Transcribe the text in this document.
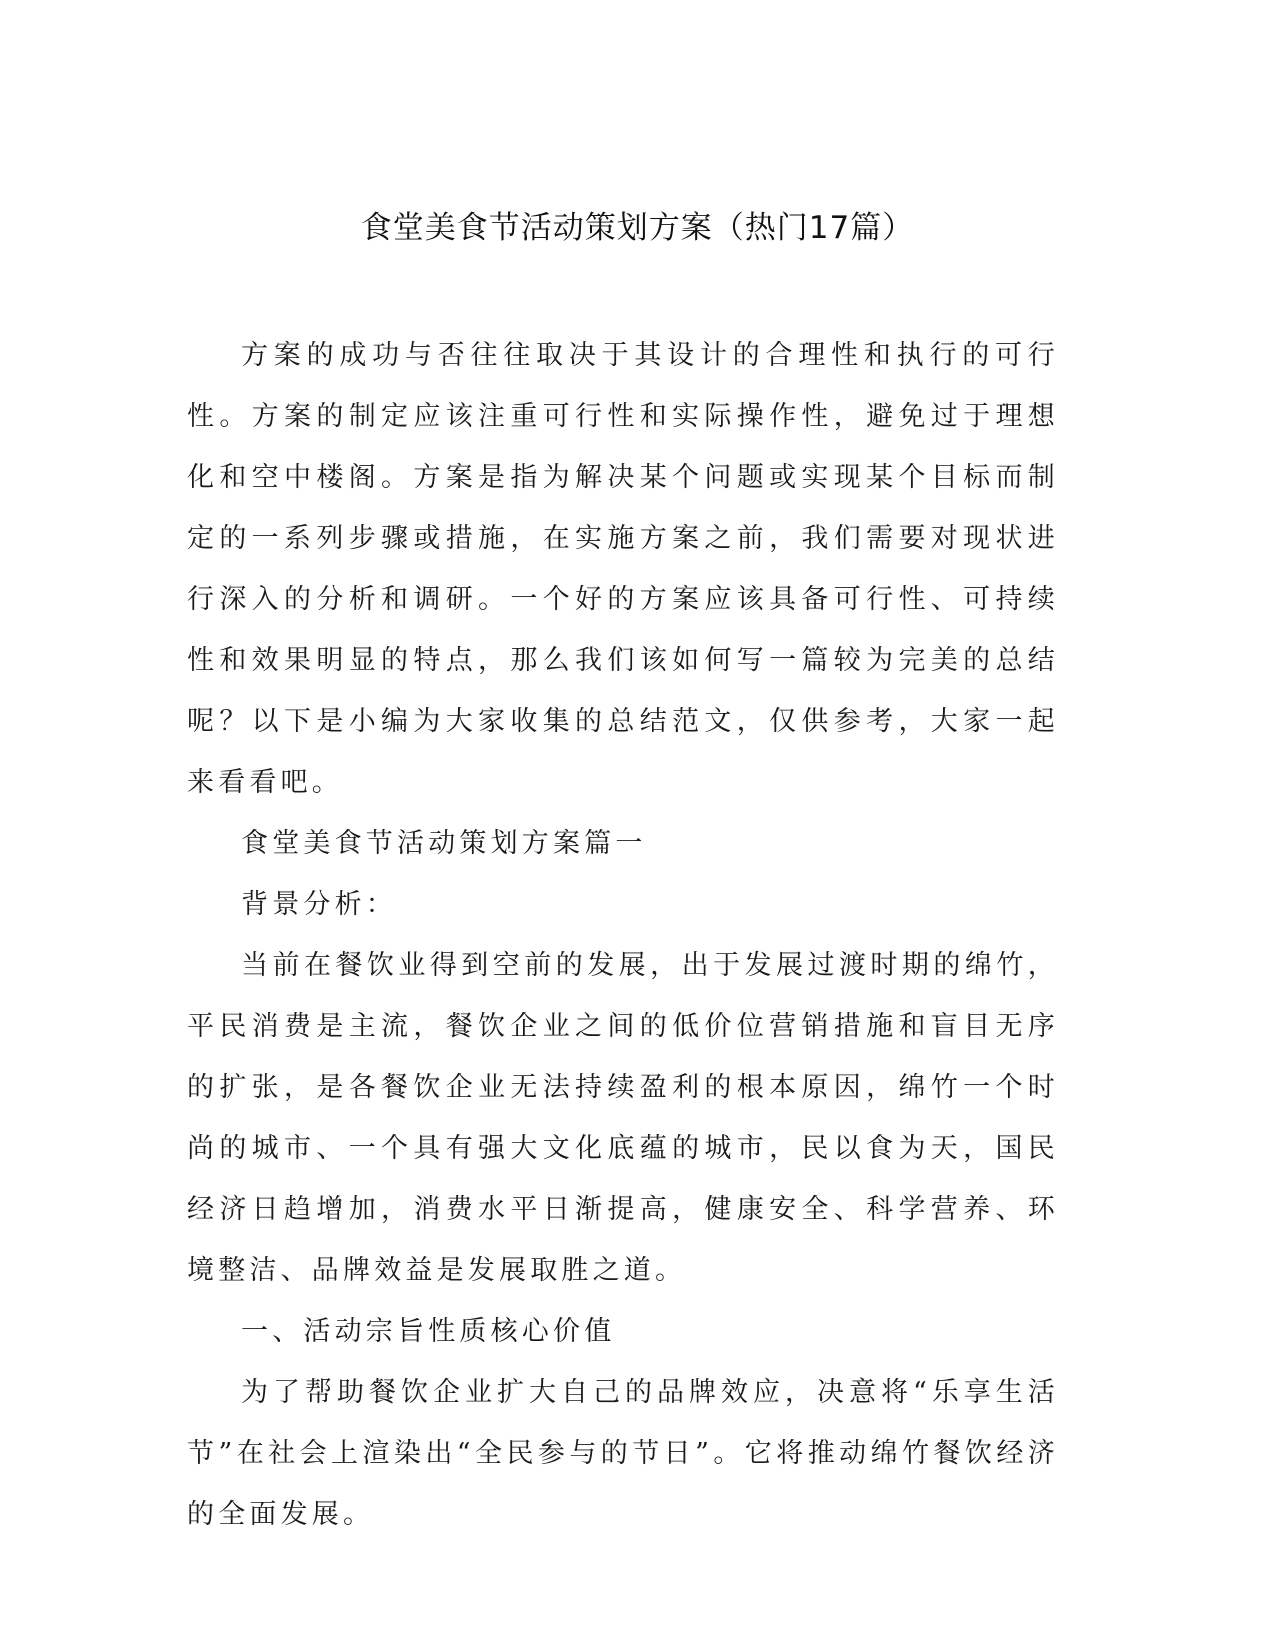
食堂美食节活动策划方案（热门17篇）

方案的成功与否往往取决于其设计的合理性和执行的可行性。方案的制定应该注重可行性和实际操作性，避免过于理想化和空中楼阁。方案是指为解决某个问题或实现某个目标而制定的一系列步骤或措施，在实施方案之前，我们需要对现状进行深入的分析和调研。一个好的方案应该具备可行性、可持续性和效果明显的特点，那么我们该如何写一篇较为完美的总结呢？以下是小编为大家收集的总结范文，仅供参考，大家一起来看看吧。

食堂美食节活动策划方案篇一

背景分析：

当前在餐饮业得到空前的发展，出于发展过渡时期的绵竹，平民消费是主流，餐饮企业之间的低价位营销措施和盲目无序的扩张，是各餐饮企业无法持续盈利的根本原因，绵竹一个时尚的城市、一个具有强大文化底蕴的城市，民以食为天，国民经济日趋增加，消费水平日渐提高，健康安全、科学营养、环境整洁、品牌效益是发展取胜之道。

一、活动宗旨性质核心价值

为了帮助餐饮企业扩大自己的品牌效应，决意将“乐享生活节”在社会上渲染出“全民参与的节日”。它将推动绵竹餐饮经济的全面发展。
